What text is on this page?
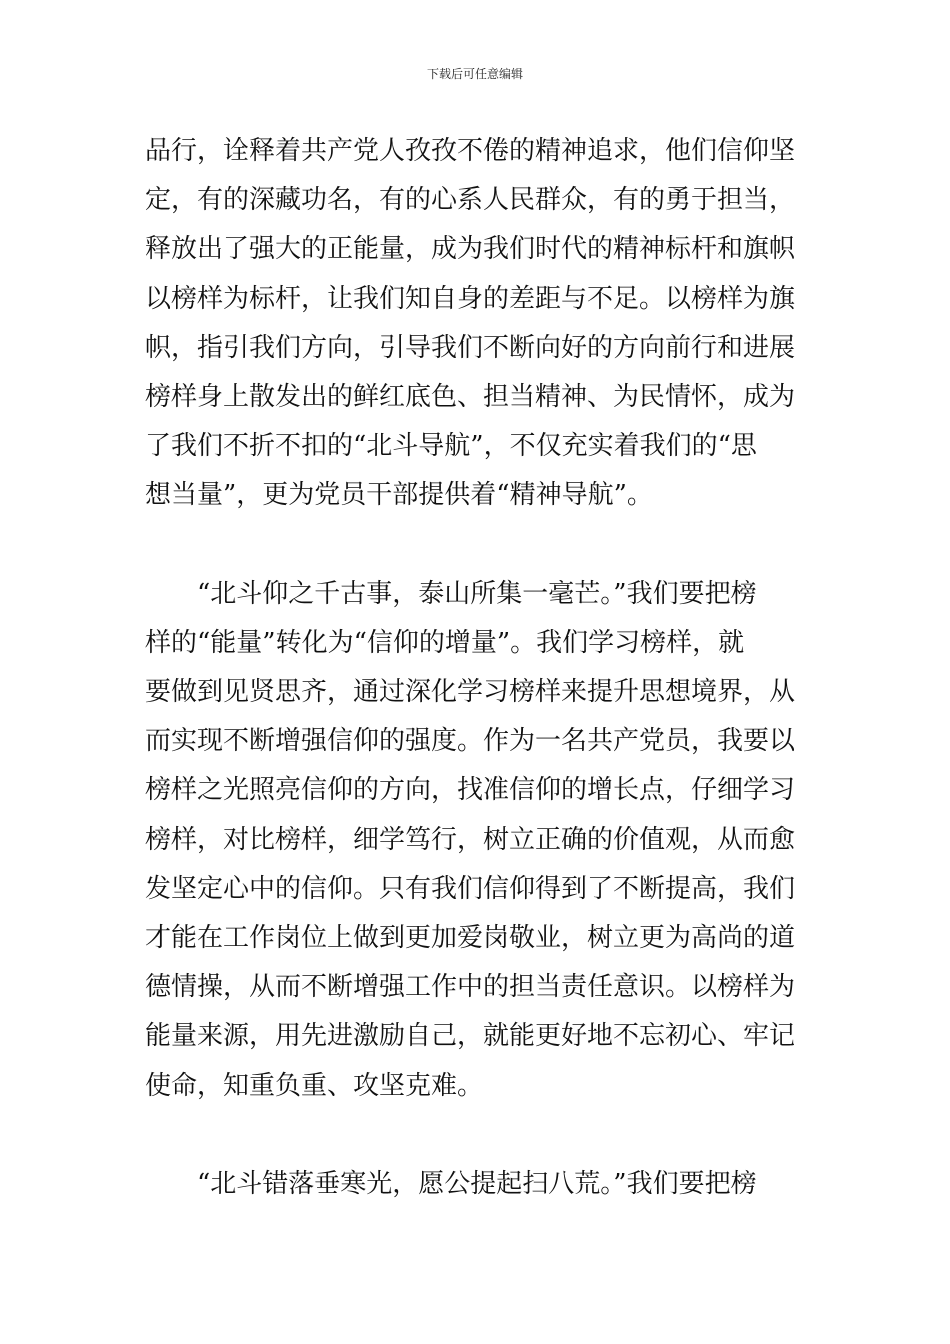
下载后可任意编辑
品行，诠释着共产党人孜孜不倦的精神追求，他们信仰坚
定，有的深藏功名，有的心系人民群众，有的勇于担当，
释放出了强大的正能量，成为我们时代的精神标杆和旗帜
以榜样为标杆，让我们知自身的差距与不足。以榜样为旗
帜，指引我们方向，引导我们不断向好的方向前行和进展
榜样身上散发出的鲜红底色、担当精神、为民情怀，成为
了我们不折不扣的“北斗导航”，不仅充实着我们的“思
想当量”，更为党员干部提供着“精神导航”。
　　“北斗仰之千古事，泰山所集一毫芒。”我们要把榜
样的“能量”转化为“信仰的增量”。我们学习榜样，就
要做到见贤思齐，通过深化学习榜样来提升思想境界，从
而实现不断增强信仰的强度。作为一名共产党员，我要以
榜样之光照亮信仰的方向，找准信仰的增长点，仔细学习
榜样，对比榜样，细学笃行，树立正确的价值观，从而愈
发坚定心中的信仰。只有我们信仰得到了不断提高，我们
才能在工作岗位上做到更加爱岗敬业，树立更为高尚的道
德情操，从而不断增强工作中的担当责任意识。以榜样为
能量来源，用先进激励自己，就能更好地不忘初心、牢记
使命，知重负重、攻坚克难。
　　“北斗错落垂寒光，愿公提起扫八荒。”我们要把榜
